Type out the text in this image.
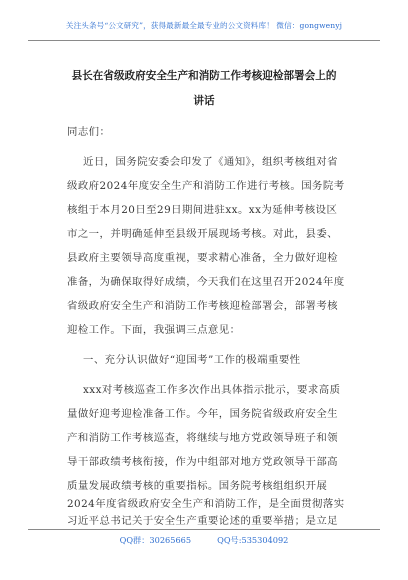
关注头条号“公文研究”，获得最新最全最专业的公文资料库！ 微信：gongwenyj
县长在省级政府安全生产和消防工作考核迎检部署会上的
讲话
同志们：
近日，国务院安委会印发了《通知》，组织考核组对省
级政府2024年度安全生产和消防工作进行考核。国务院考
核组于本月20日至29日期间进驻xx。xx为延伸考核设区
市之一，并明确延伸至县级开展现场考核。对此，县委、
县政府主要领导高度重视，要求精心准备，全力做好迎检
准备，为确保取得好成绩，今天我们在这里召开2024年度
省级政府安全生产和消防工作考核迎检部署会，部署考核
迎检工作。下面，我强调三点意见：
一、充分认识做好“迎国考”工作的极端重要性
xxx对考核巡查工作多次作出具体指示批示，要求高质
量做好迎考迎检准备工作。今年，国务院省级政府安全生
产和消防工作考核巡查，将继续与地方党政领导班子和领
导干部政绩考核衔接，作为中组部对地方党政领导干部高
质量发展政绩考核的重要指标。国务院考核组组织开展
2024年度省级政府安全生产和消防工作，是全面贯彻落实
习近平总书记关于安全生产重要论述的重要举措；是立足
QQ群：30265665	QQ号:535304092
